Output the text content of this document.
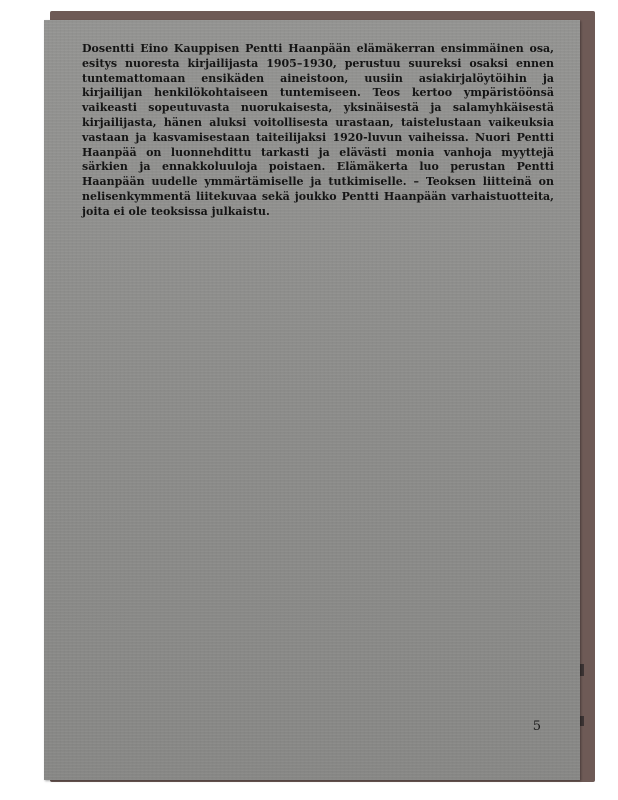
Dosentti Eino Kauppisen Pentti Haanpään elämäkerran ensimmäinen osa, esitys nuoresta kirjailijasta 1905–1930, perustuu suureksi osaksi ennen tuntemattomaan ensikäden aineistoon, uusiin asiakirjalöytöihin ja kirjailijan henkilökohtaiseen tuntemiseen. Teos kertoo ympäristöönsä vaikeasti sopeutuvasta nuorukaisesta, yksinäisestä ja salamyhkäisestä kirjailijasta, hänen aluksi voitollisesta urastaan, taistelustaan vaikeuksia vastaan ja kasvamisestaan taiteilijaksi 1920-luvun vaiheissa. Nuori Pentti Haanpää on luonnehdittu tarkasti ja elävästi monia vanhoja myyttejä särkien ja ennakkoluuloja poistaen. Elämäkerta luo perustan Pentti Haanpään uudelle ymmärtämiselle ja tutkimiselle. – Teoksen liitteinä on nelisenkymmentä liitekuvaa sekä joukko Pentti Haanpään varhaistuotteita, joita ei ole teoksissa julkaistu.

5
